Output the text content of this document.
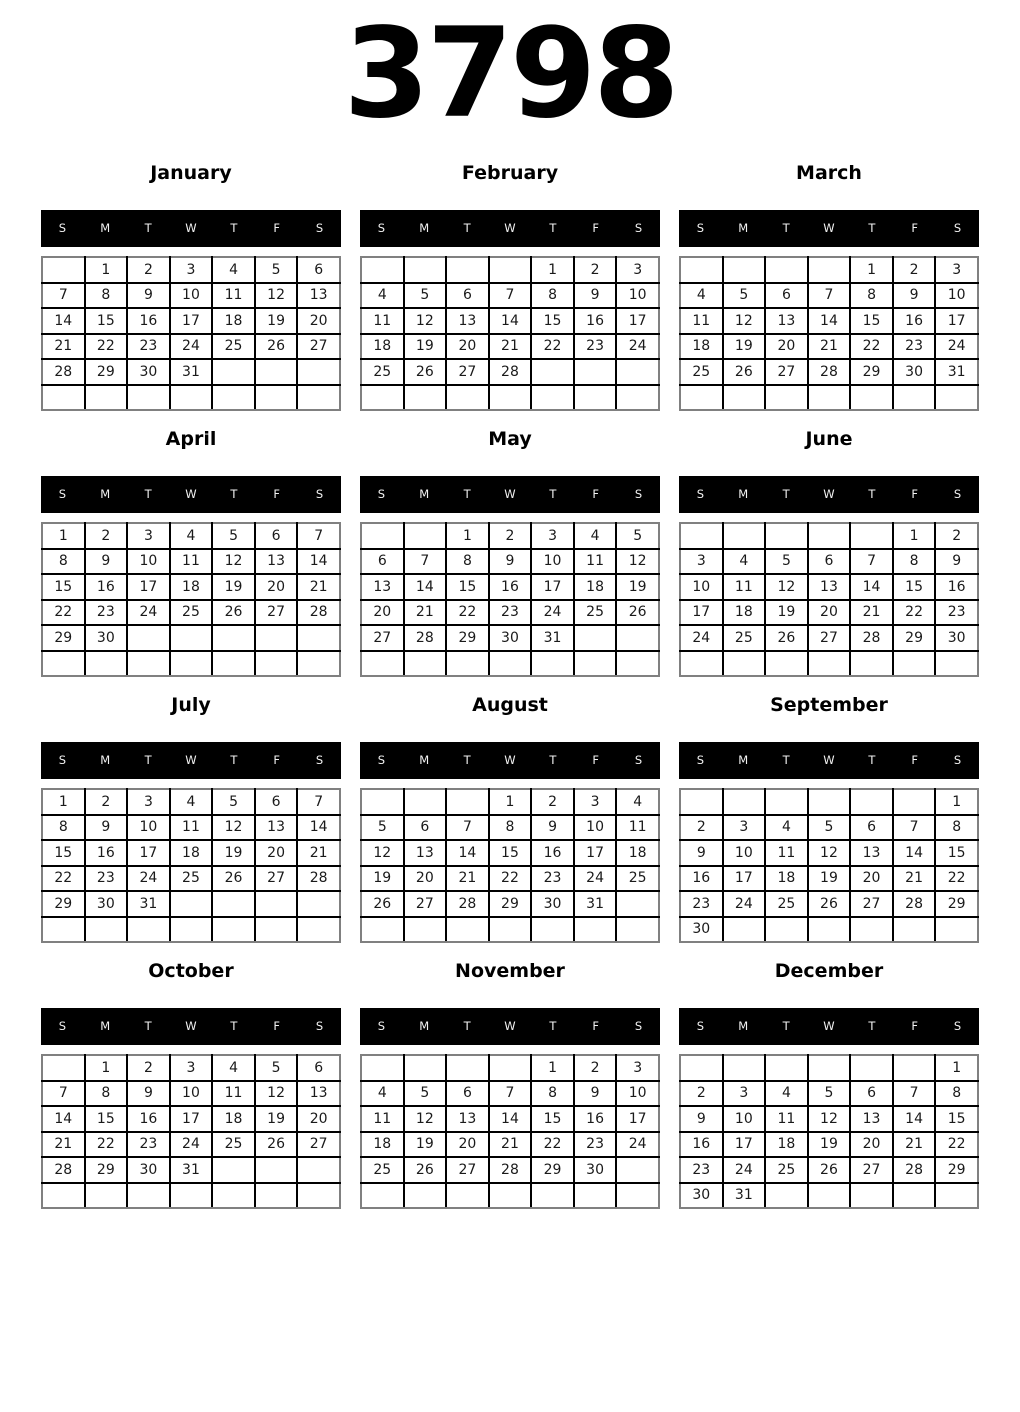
3798
January
S	M	T	W	T	F	S
	1	2	3	4	5	6
7	8	9	10	11	12	13
14	15	16	17	18	19	20
21	22	23	24	25	26	27
28	29	30	31			

February
S	M	T	W	T	F	S
				1	2	3
4	5	6	7	8	9	10
11	12	13	14	15	16	17
18	19	20	21	22	23	24
25	26	27	28			

March
S	M	T	W	T	F	S
				1	2	3
4	5	6	7	8	9	10
11	12	13	14	15	16	17
18	19	20	21	22	23	24
25	26	27	28	29	30	31

April
S	M	T	W	T	F	S
1	2	3	4	5	6	7
8	9	10	11	12	13	14
15	16	17	18	19	20	21
22	23	24	25	26	27	28
29	30					

May
S	M	T	W	T	F	S
		1	2	3	4	5
6	7	8	9	10	11	12
13	14	15	16	17	18	19
20	21	22	23	24	25	26
27	28	29	30	31		

June
S	M	T	W	T	F	S
					1	2
3	4	5	6	7	8	9
10	11	12	13	14	15	16
17	18	19	20	21	22	23
24	25	26	27	28	29	30

July
S	M	T	W	T	F	S
1	2	3	4	5	6	7
8	9	10	11	12	13	14
15	16	17	18	19	20	21
22	23	24	25	26	27	28
29	30	31				

August
S	M	T	W	T	F	S
			1	2	3	4
5	6	7	8	9	10	11
12	13	14	15	16	17	18
19	20	21	22	23	24	25
26	27	28	29	30	31	

September
S	M	T	W	T	F	S
						1
2	3	4	5	6	7	8
9	10	11	12	13	14	15
16	17	18	19	20	21	22
23	24	25	26	27	28	29
30						
October
S	M	T	W	T	F	S
	1	2	3	4	5	6
7	8	9	10	11	12	13
14	15	16	17	18	19	20
21	22	23	24	25	26	27
28	29	30	31			

November
S	M	T	W	T	F	S
				1	2	3
4	5	6	7	8	9	10
11	12	13	14	15	16	17
18	19	20	21	22	23	24
25	26	27	28	29	30	

December
S	M	T	W	T	F	S
						1
2	3	4	5	6	7	8
9	10	11	12	13	14	15
16	17	18	19	20	21	22
23	24	25	26	27	28	29
30	31					
